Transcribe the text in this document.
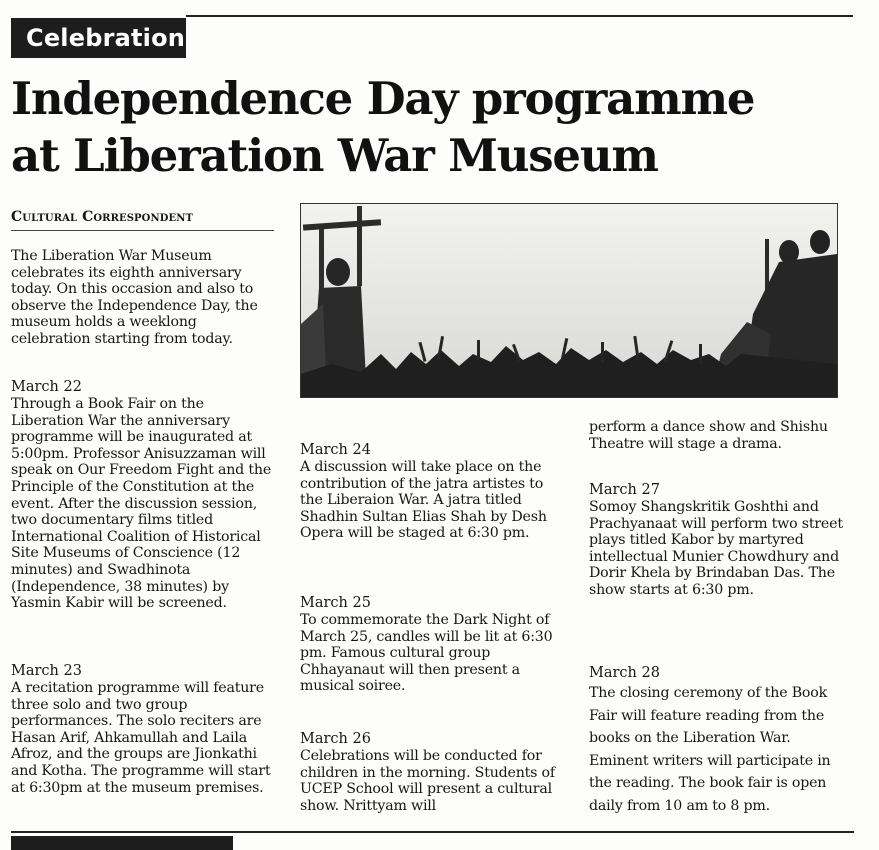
Celebration
Independence Day programme
at Liberation War Museum
Cultural Correspondent

The Liberation War Museum celebrates its eighth anniversary today. On this occasion and also to observe the Independence Day, the museum holds a weeklong celebration starting from today.

March 22

Through a Book Fair on the Liberation War the anniversary programme will be inaugurated at 5:00pm. Professor Anisuzzaman will speak on Our Freedom Fight and the Principle of the Constitution at the event. After the discussion session, two documentary films titled International Coalition of Historical Site Museums of Conscience (12 minutes) and Swadhinota (Independence, 38 minutes) by Yasmin Kabir will be screened.

March 23

A recitation programme will feature three solo and two group performances. The solo reciters are Hasan Arif, Ahkamullah and Laila Afroz, and the groups are Jionkathi and Kotha. The programme will start at 6:30pm at the museum premises.

March 24

A discussion will take place on the contribution of the jatra artistes to the Liberaion War. A jatra titled Shadhin Sultan Elias Shah by Desh Opera will be staged at 6:30 pm.

March 25

To commemorate the Dark Night of March 25, candles will be lit at 6:30 pm. Famous cultural group Chhayanaut will then present a musical soiree.

March 26

Celebrations will be conducted for children in the morning. Students of UCEP School will present a cultural show. Nrittyam will

perform a dance show and Shishu Theatre will stage a drama.

March 27

Somoy Shangskritik Goshthi and Prachyanaat will perform two street plays titled Kabor by martyred intellectual Munier Chowdhury and Dorir Khela by Brindaban Das. The show starts at 6:30 pm.

March 28

The closing ceremony of the Book Fair will feature reading from the books on the Liberation War. Eminent writers will participate in the reading. The book fair is open daily from 10 am to 8 pm.
